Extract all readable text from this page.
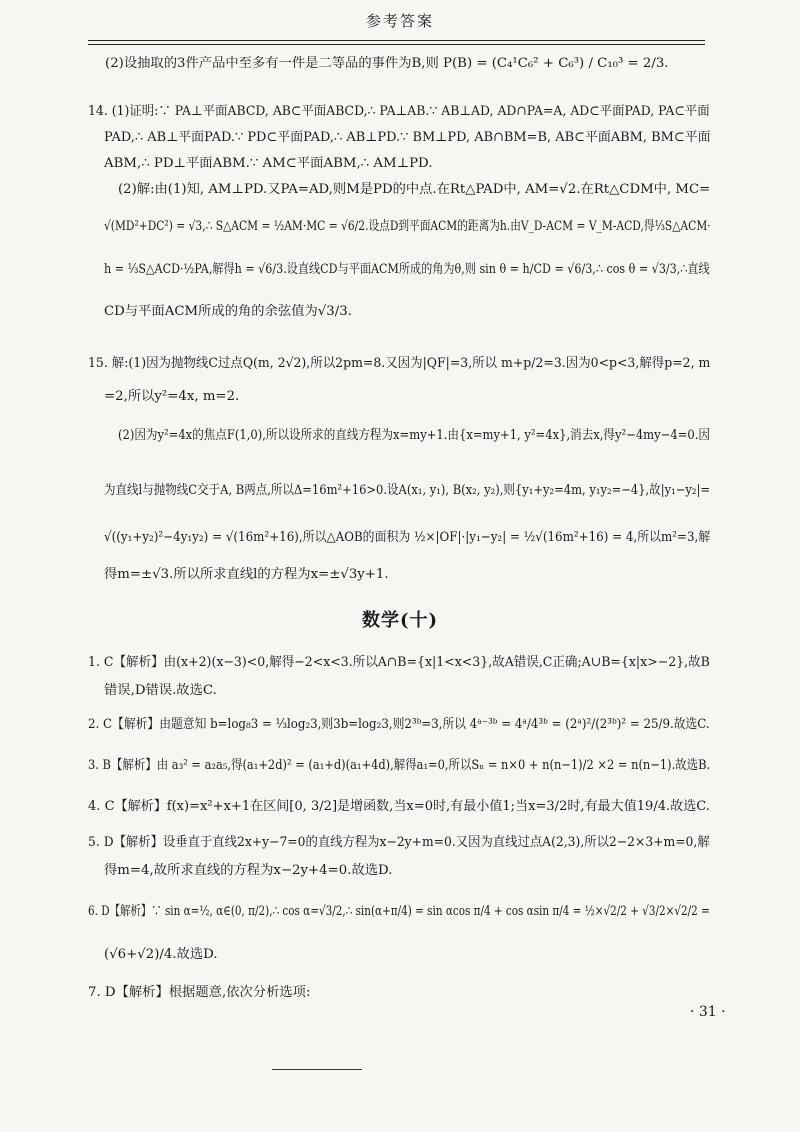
参考答案
(2)设抽取的3件产品中至多有一件是二等品的事件为B,则 P(B) = (C₄¹C₆² + C₆³) / C₁₀³ = 2/3.
14. (1)证明:∵ PA⊥平面ABCD, AB⊂平面ABCD,∴ PA⊥AB.∵ AB⊥AD, AD∩PA=A, AD⊂平面PAD, PA⊂平面
PAD,∴ AB⊥平面PAD.∵ PD⊂平面PAD,∴ AB⊥PD.∵ BM⊥PD, AB∩BM=B, AB⊂平面ABM, BM⊂平面
ABM,∴ PD⊥平面ABM.∵ AM⊂平面ABM,∴ AM⊥PD.
(2)解:由(1)知, AM⊥PD.又PA=AD,则M是PD的中点.在Rt△PAD中, AM=√2.在Rt△CDM中, MC=
√(MD²+DC²) = √3,∴ S△ACM = ½AM·MC = √6/2.设点D到平面ACM的距离为h.由V_D-ACM = V_M-ACD,得⅓S△ACM·
h = ⅓S△ACD·½PA,解得h = √6/3.设直线CD与平面ACM所成的角为θ,则 sin θ = h/CD = √6/3,∴ cos θ = √3/3,∴直线
CD与平面ACM所成的角的余弦值为√3/3.
15. 解:(1)因为抛物线C过点Q(m, 2√2),所以2pm=8.又因为|QF|=3,所以 m+p/2=3.因为0<p<3,解得p=2, m
=2,所以y²=4x, m=2.
(2)因为y²=4x的焦点F(1,0),所以设所求的直线方程为x=my+1.由{x=my+1, y²=4x},消去x,得y²−4my−4=0.因
为直线l与抛物线C交于A, B两点,所以Δ=16m²+16>0.设A(x₁, y₁), B(x₂, y₂),则{y₁+y₂=4m, y₁y₂=−4},故|y₁−y₂|=
√((y₁+y₂)²−4y₁y₂) = √(16m²+16),所以△AOB的面积为 ½×|OF|·|y₁−y₂| = ½√(16m²+16) = 4,所以m²=3,解
得m=±√3.所以所求直线l的方程为x=±√3y+1.
数学(十)
1. C【解析】由(x+2)(x−3)<0,解得−2<x<3.所以A∩B={x|1<x<3},故A错误,C正确;A∪B={x|x>−2},故B
错误,D错误.故选C.
2. C【解析】由题意知 b=log₈3 = ⅓log₂3,则3b=log₂3,则2³ᵇ=3,所以 4ᵃ⁻³ᵇ = 4ᵃ/4³ᵇ = (2ᵃ)²/(2³ᵇ)² = 25/9.故选C.
3. B【解析】由 a₃² = a₂a₅,得(a₁+2d)² = (a₁+d)(a₁+4d),解得a₁=0,所以Sₙ = n×0 + n(n−1)/2 ×2 = n(n−1).故选B.
4. C【解析】f(x)=x²+x+1在区间[0, 3/2]是增函数,当x=0时,有最小值1;当x=3/2时,有最大值19/4.故选C.
5. D【解析】设垂直于直线2x+y−7=0的直线方程为x−2y+m=0.又因为直线过点A(2,3),所以2−2×3+m=0,解
得m=4,故所求直线的方程为x−2y+4=0.故选D.
6. D【解析】∵ sin α=½, α∈(0, π/2),∴ cos α=√3/2,∴ sin(α+π/4) = sin αcos π/4 + cos αsin π/4 = ½×√2/2 + √3/2×√2/2 =
(√6+√2)/4.故选D.
7. D【解析】根据题意,依次分析选项:
· 31 ·
